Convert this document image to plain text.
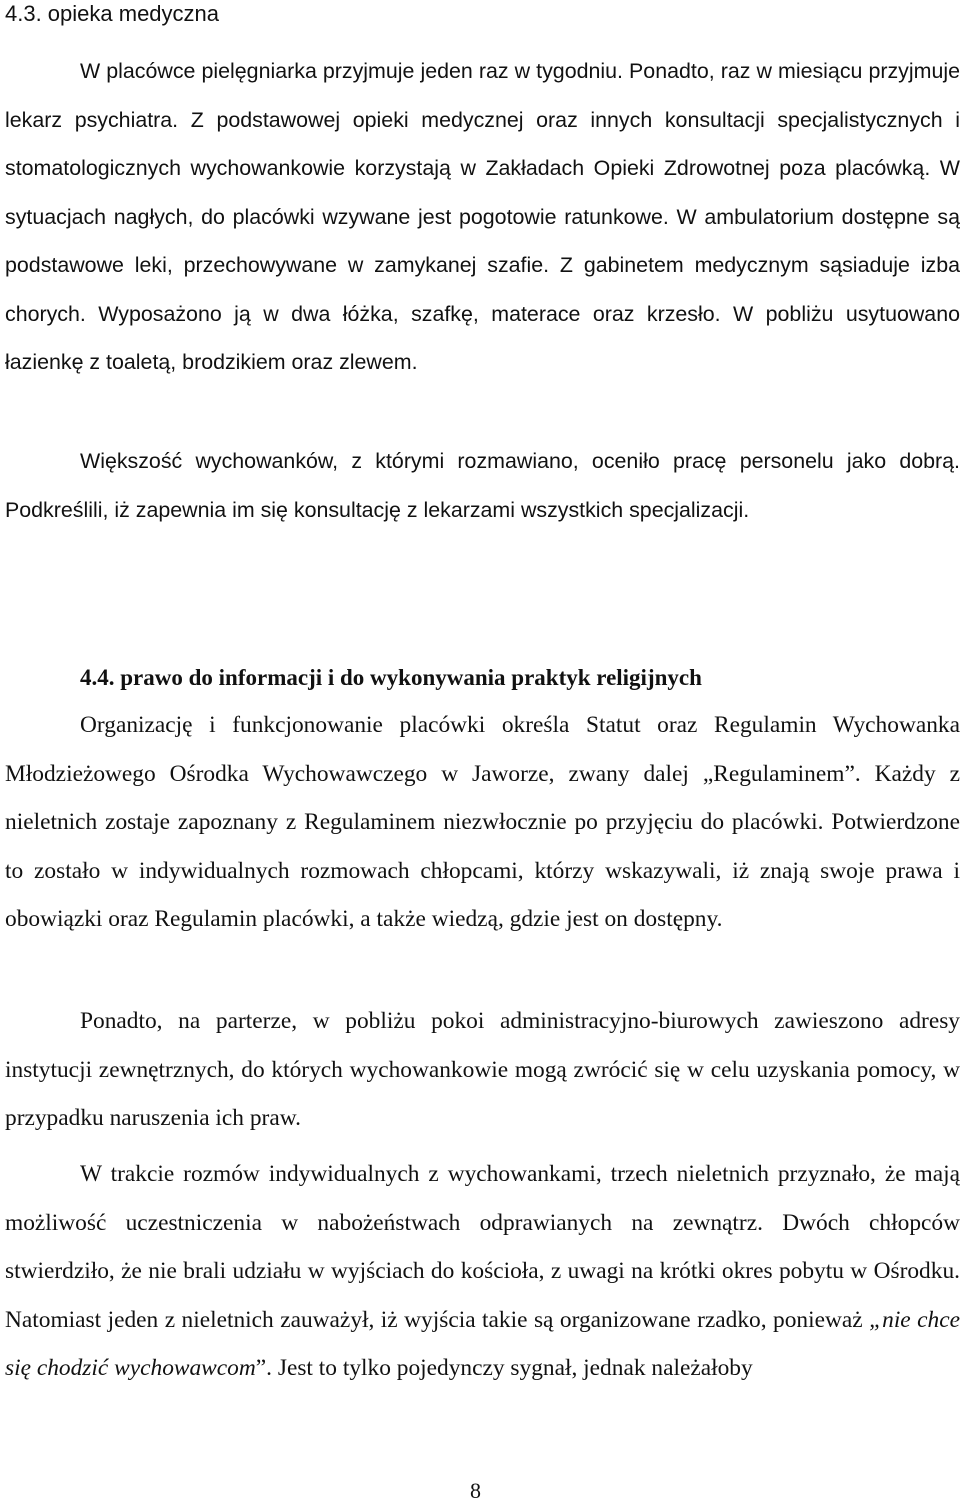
4.3. opieka medyczna

W placówce pielęgniarka przyjmuje jeden raz w tygodniu. Ponadto, raz w miesiącu przyjmuje lekarz psychiatra. Z podstawowej opieki medycznej oraz innych konsultacji specjalistycznych i stomatologicznych wychowankowie korzystają w Zakładach Opieki Zdrowotnej poza placówką. W sytuacjach nagłych, do placówki wzywane jest pogotowie ratunkowe. W ambulatorium dostępne są podstawowe leki, przechowywane w zamykanej szafie. Z gabinetem medycznym sąsiaduje izba chorych. Wyposażono ją w dwa łóżka, szafkę, materace oraz krzesło. W pobliżu usytuowano łazienkę z toaletą, brodzikiem oraz zlewem.

Większość wychowanków, z którymi rozmawiano, oceniło pracę personelu jako dobrą. Podkreślili, iż zapewnia im się konsultację z lekarzami wszystkich specjalizacji.

4.4. prawo do informacji i do wykonywania praktyk religijnych

Organizację i funkcjonowanie placówki określa Statut oraz Regulamin Wychowanka Młodzieżowego Ośrodka Wychowawczego w Jaworze, zwany dalej „Regulaminem”. Każdy z nieletnich zostaje zapoznany z Regulaminem niezwłocznie po przyjęciu do placówki. Potwierdzone to zostało w indywidualnych rozmowach chłopcami, którzy wskazywali, iż znają swoje prawa i obowiązki oraz Regulamin placówki, a także wiedzą, gdzie jest on dostępny.

Ponadto, na parterze, w pobliżu pokoi administracyjno-biurowych zawieszono adresy instytucji zewnętrznych, do których wychowankowie mogą zwrócić się w celu uzyskania pomocy, w przypadku naruszenia ich praw.

W trakcie rozmów indywidualnych z wychowankami, trzech nieletnich przyznało, że mają możliwość uczestniczenia w nabożeństwach odprawianych na zewnątrz. Dwóch chłopców stwierdziło, że nie brali udziału w wyjściach do kościoła, z uwagi na krótki okres pobytu w Ośrodku. Natomiast jeden z nieletnich zauważył, iż wyjścia takie są organizowane rzadko, ponieważ „nie chce się chodzić wychowawcom”. Jest to tylko pojedynczy sygnał, jednak należałoby

8
